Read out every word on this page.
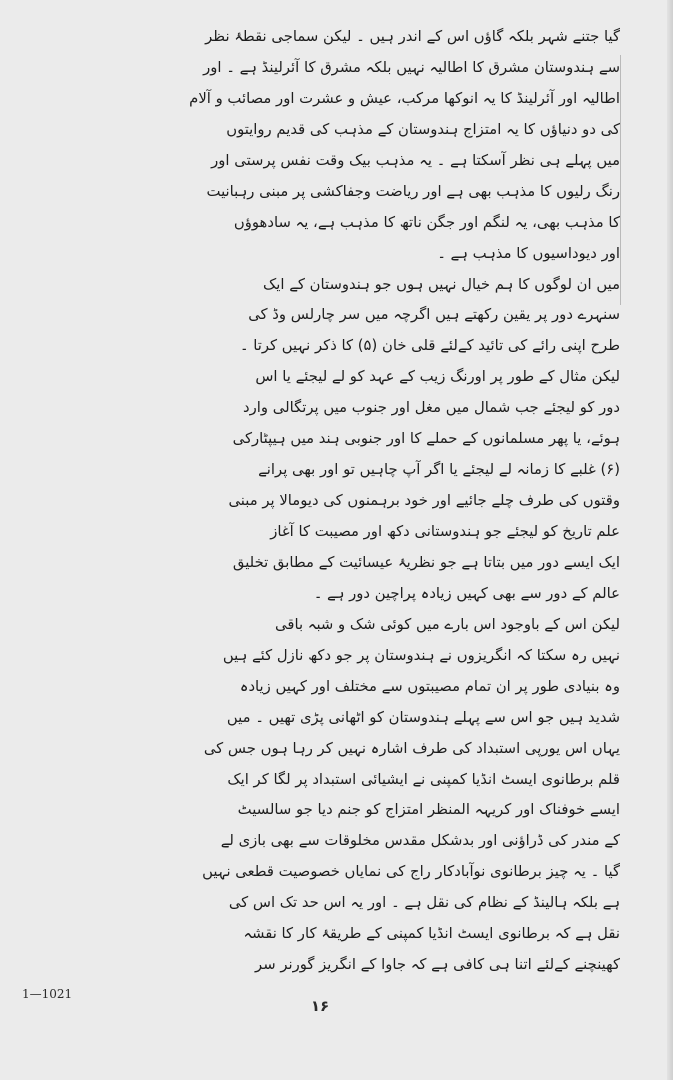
گیا جتنے شہر بلکہ گاؤں اس کے اندر ہیں ۔ لیکن سماجی نقطۂ نظر
سے ہندوستان مشرق کا اطالیہ نہیں بلکہ مشرق کا آئرلینڈ ہے ۔ اور
اطالیہ اور آئرلینڈ کا یہ انوکھا مرکب، عیش و عشرت اور مصائب و آلام
کی دو دنیاؤں کا یہ امتزاج ہندوستان کے مذہب کی قدیم روایتوں
میں پہلے ہی نظر آسکتا ہے ۔ یہ مذہب بیک وقت نفس پرستی اور
رنگ رلیوں کا مذہب بھی ہے اور ریاضت وجفاکشی پر مبنی رہبانیت
کا مذہب بھی، یہ لنگم اور جگن ناتھ کا مذہب ہے، یہ سادھوؤں
اور دیوداسیوں کا مذہب ہے ۔
میں ان لوگوں کا ہم خیال نہیں ہوں جو ہندوستان کے ایک
سنہرے دور پر یقین رکھتے ہیں اگرچہ میں سر چارلس وڈ کی
طرح اپنی رائے کی تائید کےلئے قلی خان (۵) کا ذکر نہیں کرتا ۔
لیکن مثال کے طور پر اورنگ زیب کے عہد کو لے لیجئے یا اس
دور کو لیجئے جب شمال میں مغل اور جنوب میں پرتگالی وارد
ہوئے، یا پھر مسلمانوں کے حملے کا اور جنوبی ہند میں ہیپٹارکی
(۶) غلبے کا زمانہ لے لیجئے یا اگر آپ چاہیں تو اور بھی پرانے
وقتوں کی طرف چلے جائیے اور خود برہمنوں کی دیومالا پر مبنی
علم تاریخ کو لیجئے جو ہندوستانی دکھ اور مصیبت کا آغاز
ایک ایسے دور میں بتاتا ہے جو نظریۂ عیسائیت کے مطابق تخلیق
عالم کے دور سے بھی کہیں زیادہ پراچین دور ہے ۔
لیکن اس کے باوجود اس بارے میں کوئی شک و شبہ باقی
نہیں رہ سکتا کہ انگریزوں نے ہندوستان پر جو دکھ نازل کئے ہیں
وہ بنیادی طور پر ان تمام مصیبتوں سے مختلف اور کہیں زیادہ
شدید ہیں جو اس سے پہلے ہندوستان کو اٹھانی پڑی تھیں ۔ میں
یہاں اس یورپی استبداد کی طرف اشارہ نہیں کر رہا ہوں جس کی
قلم برطانوی ایسٹ انڈیا کمپنی نے ایشیائی استبداد پر لگا کر ایک
ایسے خوفناک اور کریہہ المنظر امتزاج کو جنم دیا جو سالسیٹ
کے مندر کی ڈراؤنی اور بدشکل مقدس مخلوقات سے بھی بازی لے
گیا ۔ یہ چیز برطانوی نوآبادکار راج کی نمایاں خصوصیت قطعی نہیں
ہے بلکہ ہالینڈ کے نظام کی نقل ہے ۔ اور یہ اس حد تک اس کی
نقل ہے کہ برطانوی ایسٹ انڈیا کمپنی کے طریقۂ کار کا نقشہ
کھینچنے کےلئے اتنا ہی کافی ہے کہ جاوا کے انگریز گورنر سر
1—1021
۱۶
